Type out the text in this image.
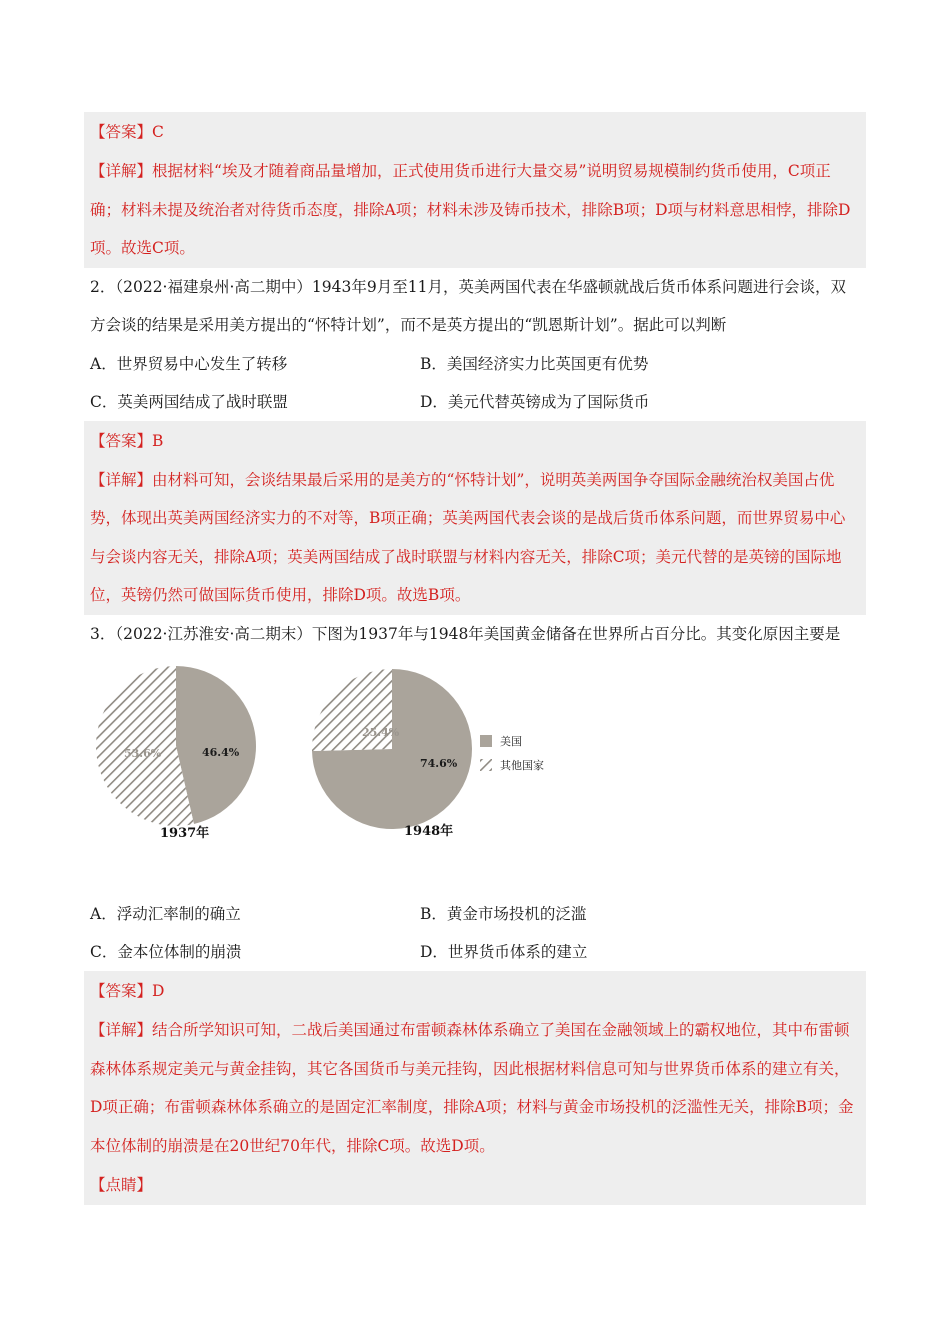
【答案】C
【详解】根据材料“埃及才随着商品量增加，正式使用货币进行大量交易”说明贸易规模制约货币使用，C项正确；材料未提及统治者对待货币态度，排除A项；材料未涉及铸币技术，排除B项；D项与材料意思相悖，排除D项。故选C项。
2．（2022·福建泉州·高二期中）1943年9月至11月，英美两国代表在华盛顿就战后货币体系问题进行会谈，双方会谈的结果是采用美方提出的“怀特计划”，而不是英方提出的“凯恩斯计划”。据此可以判断
A．世界贸易中心发生了转移	B．美国经济实力比英国更有优势
C．英美两国结成了战时联盟	D．美元代替英镑成为了国际货币
【答案】B
【详解】由材料可知，会谈结果最后采用的是美方的“怀特计划”，说明英美两国争夺国际金融统治权美国占优势，体现出英美两国经济实力的不对等，B项正确；英美两国代表会谈的是战后货币体系问题，而世界贸易中心与会谈内容无关，排除A项；英美两国结成了战时联盟与材料内容无关，排除C项；美元代替的是英镑的国际地位，英镑仍然可做国际货币使用，排除D项。故选B项。
3．（2022·江苏淮安·高二期末）下图为1937年与1948年美国黄金储备在世界所占百分比。其变化原因主要是
46.4%
53.6%
74.6%
25.4%
美国
其他国家
1937年	1948年
A．浮动汇率制的确立	B．黄金市场投机的泛滥
C．金本位体制的崩溃	D．世界货币体系的建立
【答案】D
【详解】结合所学知识可知，二战后美国通过布雷顿森林体系确立了美国在金融领域上的霸权地位，其中布雷顿森林体系规定美元与黄金挂钩，其它各国货币与美元挂钩，因此根据材料信息可知与世界货币体系的建立有关，D项正确；布雷顿森林体系确立的是固定汇率制度，排除A项；材料与黄金市场投机的泛滥性无关，排除B项；金本位体制的崩溃是在20世纪70年代，排除C项。故选D项。
【点睛】
